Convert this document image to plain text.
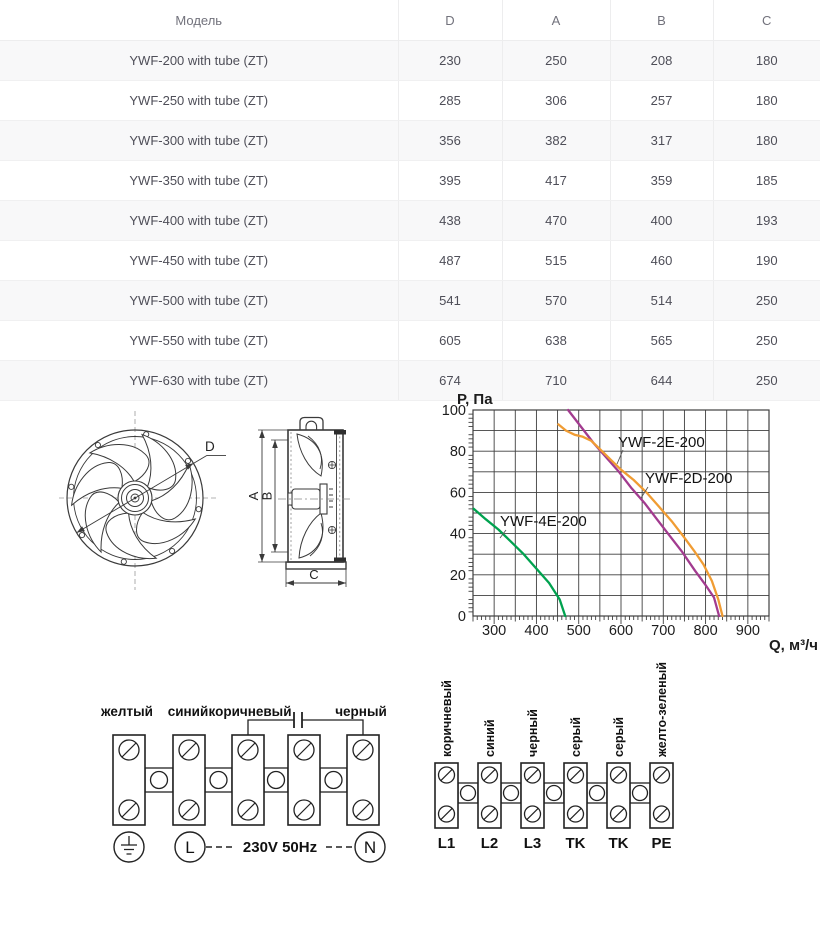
Модель	D	A	B	C
YWF-200 with tube (ZT)	230	250	208	180
YWF-250 with tube (ZT)	285	306	257	180
YWF-300 with tube (ZT)	356	382	317	180
YWF-350 with tube (ZT)	395	417	359	185
YWF-400 with tube (ZT)	438	470	400	193
YWF-450 with tube (ZT)	487	515	460	190
YWF-500 with tube (ZT)	541	570	514	250
YWF-550 with tube (ZT)	605	638	565	250
YWF-630 with tube (ZT)	674	710	644	250
D
A
B
C
300 400 500 600 700 800 900
0
20
40
60
80
100
P, Па
Q, м³/ч
YWF-4E-200
YWF-2D-200
YWF-2E-200
желтый синий коричневый	черный
L	N
230V 50Hz
коричневый синий черный серый серый желто-зеленый
L1 L2 L3 TK TK PE
